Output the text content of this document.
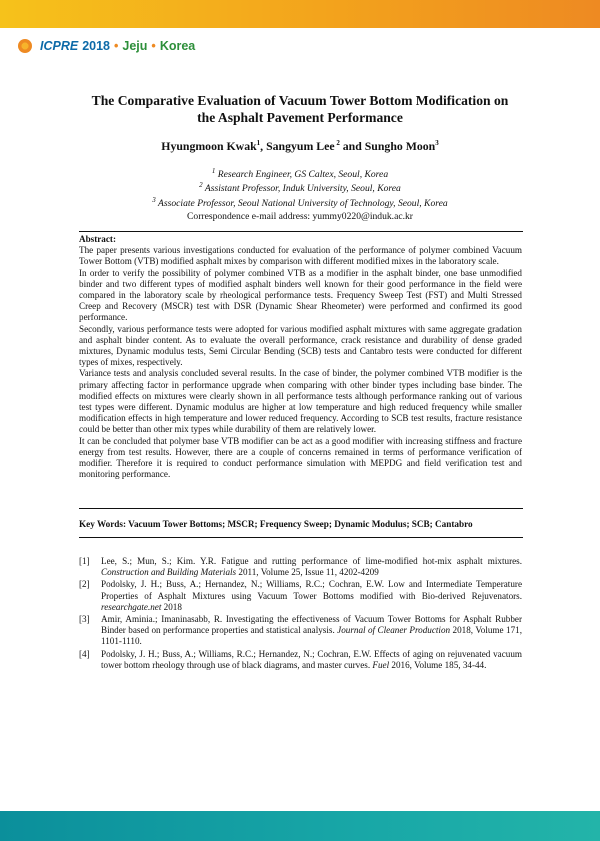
ICPRE 2018 • Jeju • Korea
The Comparative Evaluation of Vacuum Tower Bottom Modification on
the Asphalt Pavement Performance
Hyungmoon Kwak$^1$, Sangyum Lee $^2$ and Sungho Moon$^3$
$^1$ Research Engineer, GS Caltex, Seoul, Korea
$^2$ Assistant Professor, Induk University, Seoul, Korea
$^3$ Associate Professor, Seoul National University of Technology, Seoul, Korea
Correspondence e-mail address: yummy0220@induk.ac.kr

Abstract:

The paper presents various investigations conducted for evaluation of the performance of polymer combined Vacuum Tower Bottom (VTB) modified asphalt mixes by comparison with different modified mixes in the laboratory scale.

In order to verify the possibility of polymer combined VTB as a modifier in the asphalt binder, one base unmodified binder and two different types of modified asphalt binders well known for their good performance in the field were compared in the laboratory scale by rheological performance tests. Frequency Sweep Test (FST) and Multi Stressed Creep and Recovery (MSCR) test with DSR (Dynamic Shear Rheometer) were performed and confirmed its good performance.

Secondly, various performance tests were adopted for various modified asphalt mixtures with same aggregate gradation and asphalt binder content. As to evaluate the overall performance, crack resistance and durability of dense graded mixtures, Dynamic modulus tests, Semi Circular Bending (SCB) tests and Cantabro tests were conducted for different types of mixes, respectively.

Variance tests and analysis concluded several results. In the case of binder, the polymer combined VTB modifier is the primary affecting factor in performance upgrade when comparing with other binder types including base binder. The modified effects on mixtures were clearly shown in all performance tests although performance ranking out of various test types were different. Dynamic modulus are higher at low temperature and high reduced frequency while smaller modification effects in high temperature and lower reduced frequency. According to SCB test results, fracture resistance could be better than other mix types while durability of them are relatively lower.

It can be concluded that polymer base VTB modifier can be act as a good modifier with increasing stiffness and fracture energy from test results. However, there are a couple of concerns remained in terms of performance verification of modifier. Therefore it is required to conduct performance simulation with MEPDG and field verification test and monitoring performance.

Key Words: Vacuum Tower Bottoms; MSCR; Frequency Sweep; Dynamic Modulus; SCB; Cantabro
[1]	Lee, S.; Mun, S.; Kim. Y.R. Fatigue and rutting performance of lime-modified hot-mix asphalt mixtures. Construction and Building Materials 2011, Volume 25, Issue 11, 4202-4209
[2]	Podolsky, J. H.; Buss, A.; Hernandez, N.; Williams, R.C.; Cochran, E.W. Low and Intermediate Temperature Properties of Asphalt Mixtures using Vacuum Tower Bottoms modified with Bio-derived Rejuvenators. researchgate.net 2018
[3]	Amir, Aminia.; Imaninasabb, R. Investigating the effectiveness of Vacuum Tower Bottoms for Asphalt Rubber Binder based on performance properties and statistical analysis. Journal of Cleaner Production 2018, Volume 171, 1101-1110.
[4]	Podolsky, J. H.; Buss, A.; Williams, R.C.; Hernandez, N.; Cochran, E.W. Effects of aging on rejuvenated vacuum tower bottom rheology through use of black diagrams, and master curves. Fuel 2016, Volume 185, 34-44.
